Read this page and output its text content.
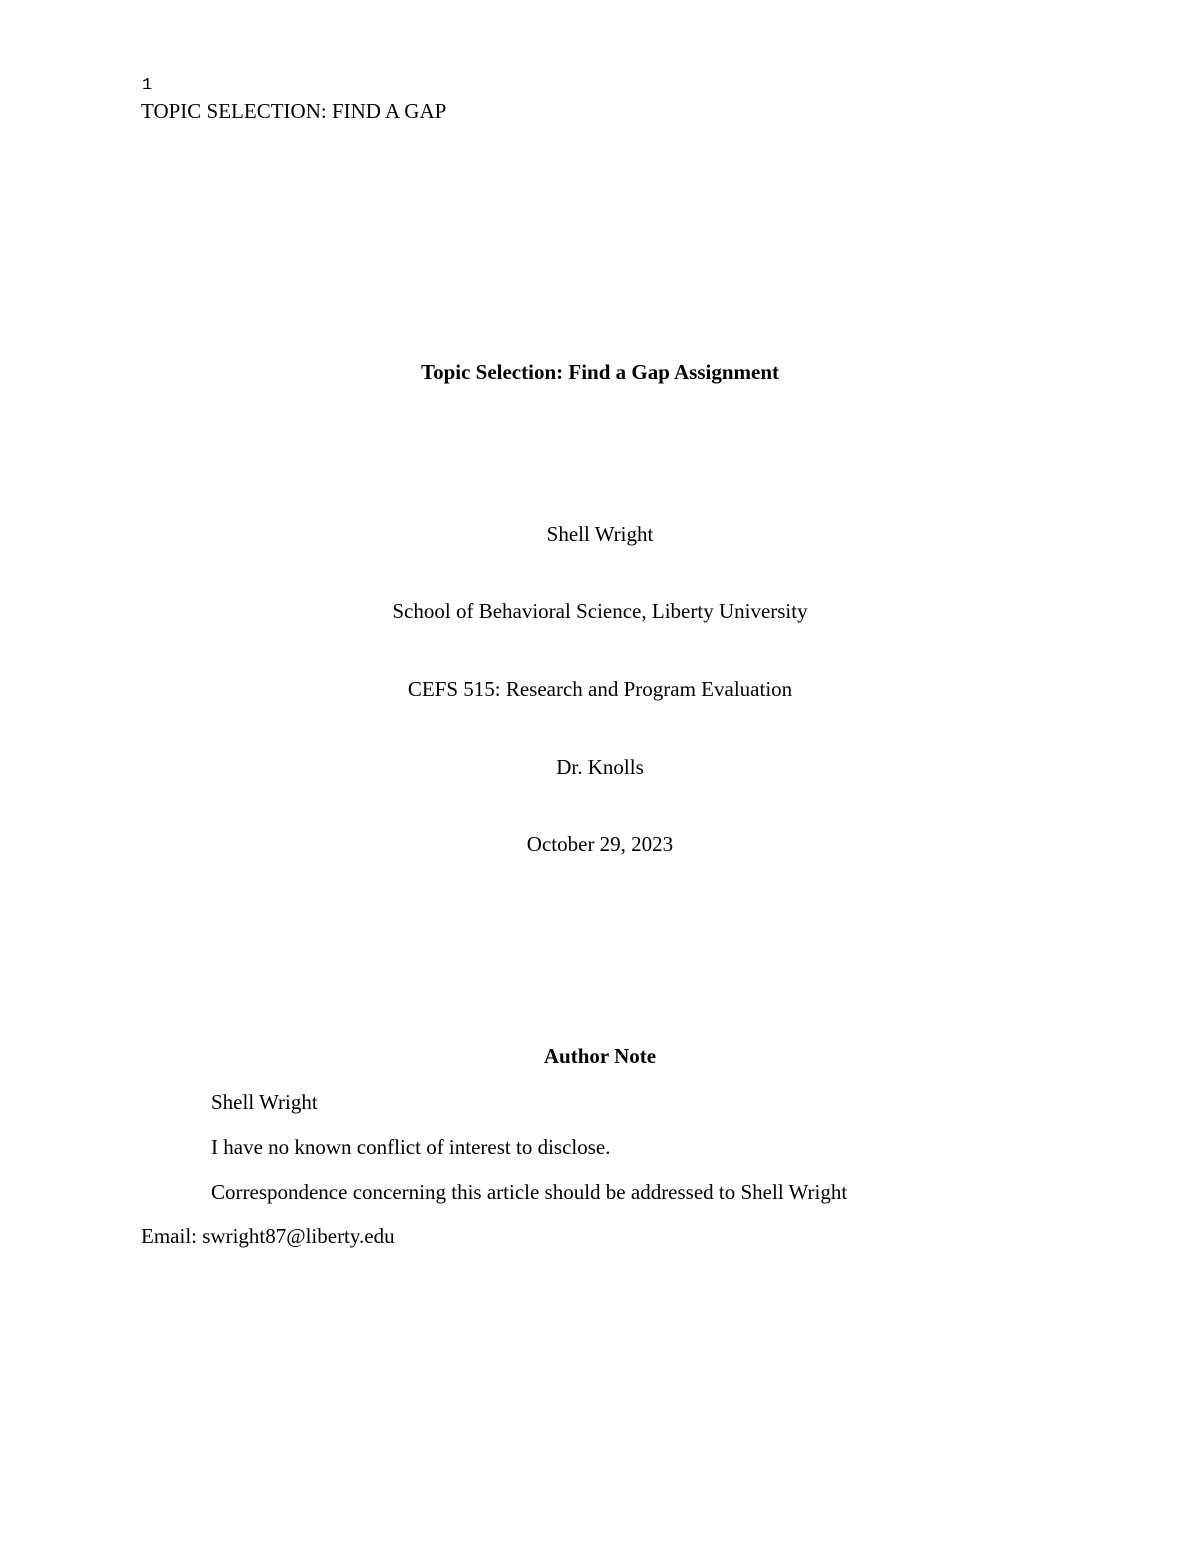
1
TOPIC SELECTION: FIND A GAP
Topic Selection: Find a Gap Assignment
Shell Wright
School of Behavioral Science, Liberty University
CEFS 515: Research and Program Evaluation
Dr. Knolls
October 29, 2023
Author Note
Shell Wright
I have no known conflict of interest to disclose.
Correspondence concerning this article should be addressed to Shell Wright
Email: swright87@liberty.edu
